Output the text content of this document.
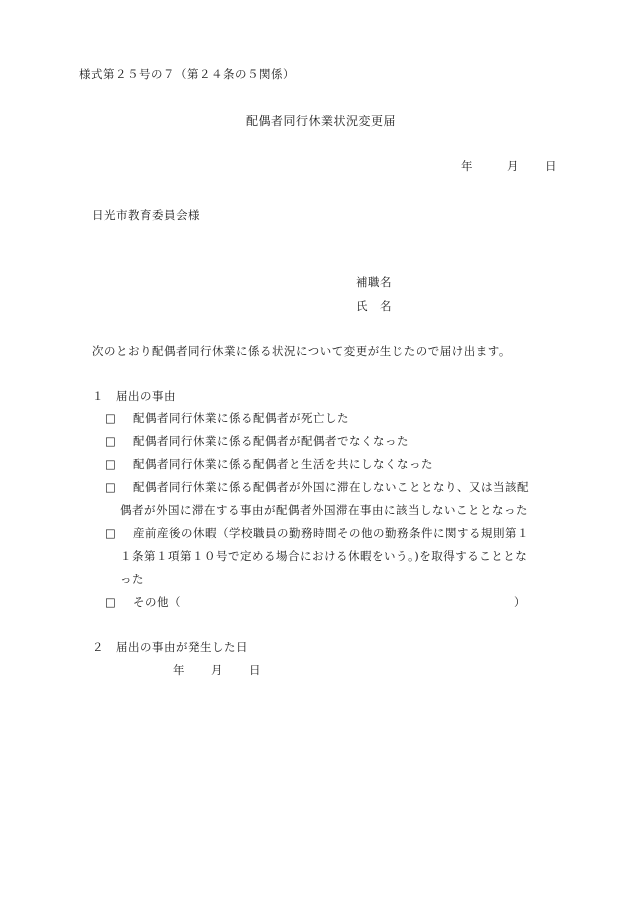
様式第２５号の７（第２４条の５関係）
配偶者同行休業状況変更届
年	月 日
日光市教育委員会様
補職名
氏　名
次のとおり配偶者同行休業に係る状況について変更が生じたので届け出ます。
１　届出の事由
□ 配偶者同行休業に係る配偶者が死亡した
□ 配偶者同行休業に係る配偶者が配偶者でなくなった
□ 配偶者同行休業に係る配偶者と生活を共にしなくなった
□ 配偶者同行休業に係る配偶者が外国に滞在しないこととなり、又は当該配
偶者が外国に滞在する事由が配偶者外国滞在事由に該当しないこととなった
□ 産前産後の休暇（学校職員の勤務時間その他の勤務条件に関する規則第１
１条第１項第１０号で定める場合における休暇をいう。)を取得することとな
った
□ その他（	）
２　届出の事由が発生した日
年 月 日
